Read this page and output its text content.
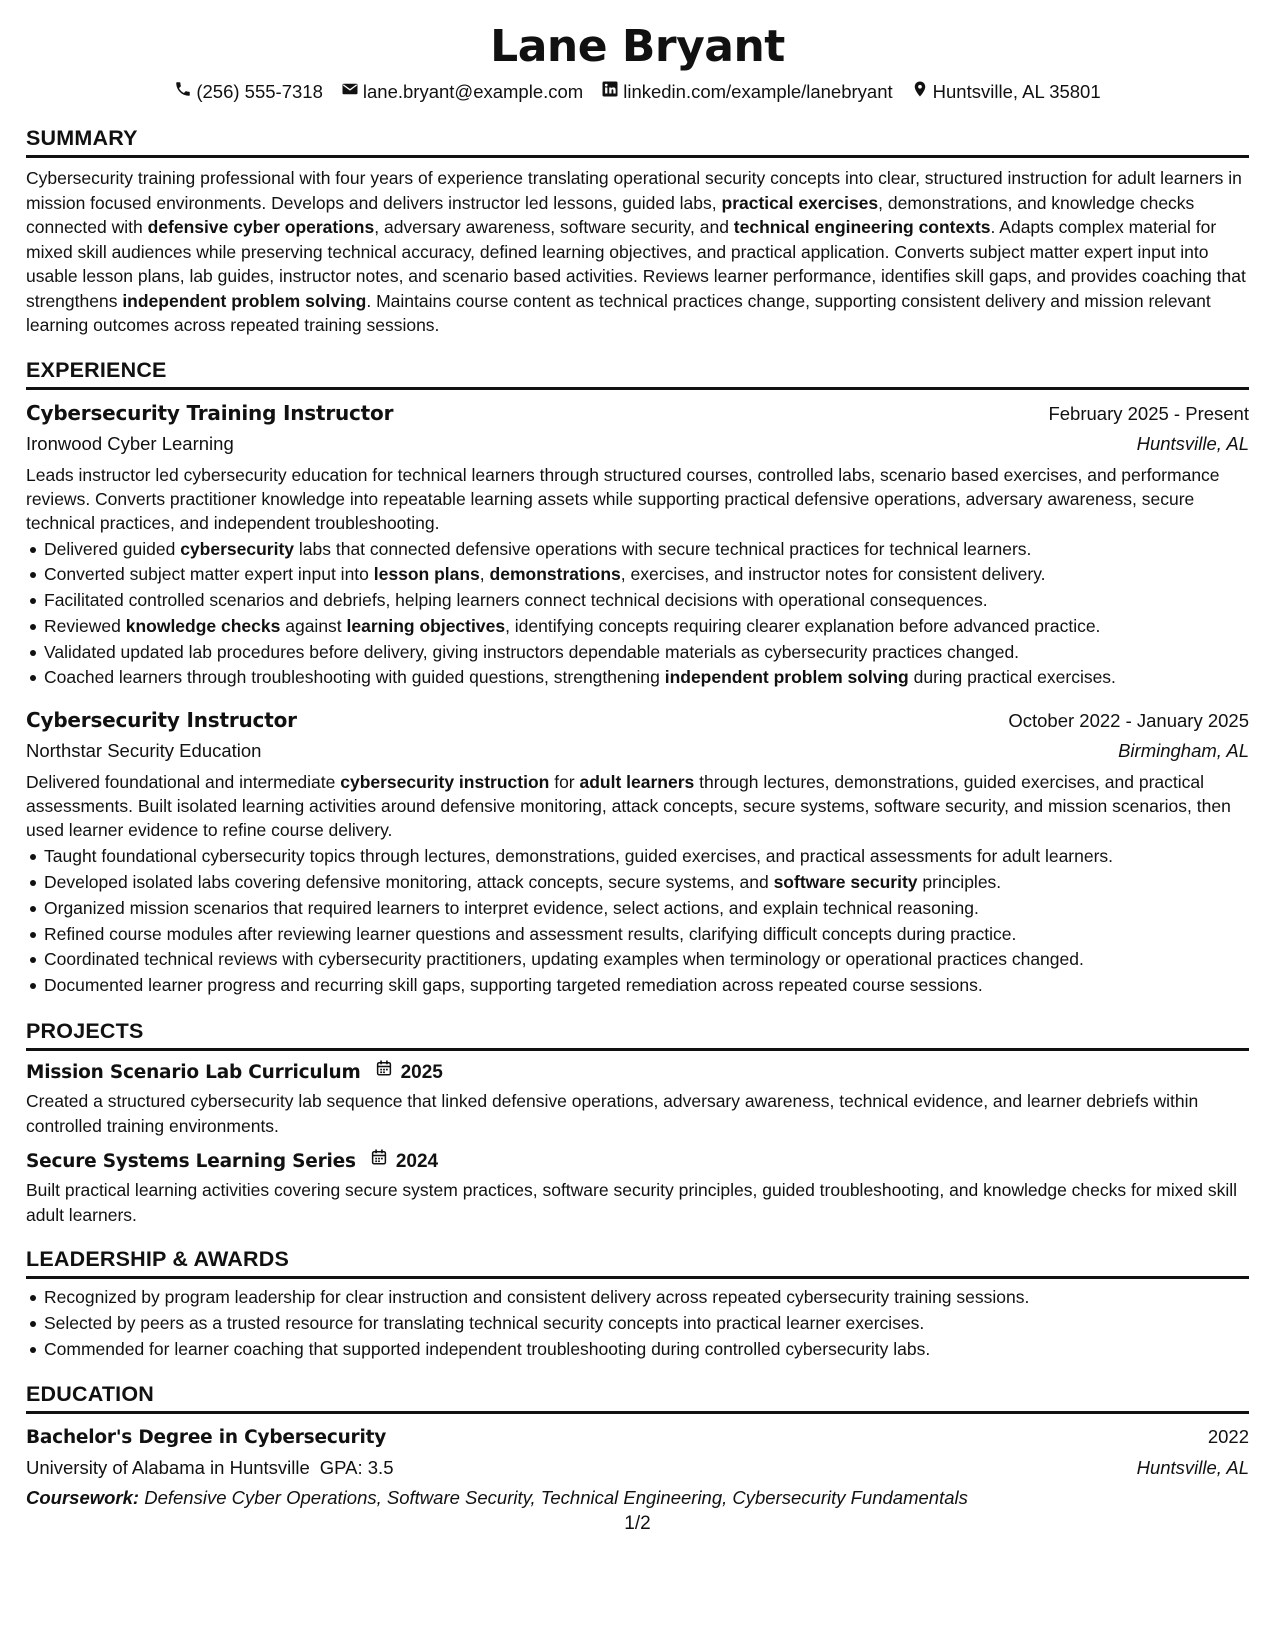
Lane Bryant
(256) 555-7318 lane.bryant@example.com linkedin.com/example/lanebryant Huntsville, AL 35801
SUMMARY

Cybersecurity training professional with four years of experience translating operational security concepts into clear, structured instruction for adult learners in mission focused environments. Develops and delivers instructor led lessons, guided labs, practical exercises, demonstrations, and knowledge checks connected with defensive cyber operations, adversary awareness, software security, and technical engineering contexts. Adapts complex material for mixed skill audiences while preserving technical accuracy, defined learning objectives, and practical application. Converts subject matter expert input into usable lesson plans, lab guides, instructor notes, and scenario based activities. Reviews learner performance, identifies skill gaps, and provides coaching that strengthens independent problem solving. Maintains course content as technical practices change, supporting consistent delivery and mission relevant learning outcomes across repeated training sessions.

EXPERIENCE
Cybersecurity Training Instructor	February 2025 - Present
Ironwood Cyber Learning	Huntsville, AL

Leads instructor led cybersecurity education for technical learners through structured courses, controlled labs, scenario based exercises, and performance reviews. Converts practitioner knowledge into repeatable learning assets while supporting practical defensive operations, adversary awareness, secure technical practices, and independent troubleshooting.

Delivered guided cybersecurity labs that connected defensive operations with secure technical practices for technical learners.
Converted subject matter expert input into lesson plans, demonstrations, exercises, and instructor notes for consistent delivery.
Facilitated controlled scenarios and debriefs, helping learners connect technical decisions with operational consequences.
Reviewed knowledge checks against learning objectives, identifying concepts requiring clearer explanation before advanced practice.
Validated updated lab procedures before delivery, giving instructors dependable materials as cybersecurity practices changed.
Coached learners through troubleshooting with guided questions, strengthening independent problem solving during practical exercises.
Cybersecurity Instructor	October 2022 - January 2025
Northstar Security Education	Birmingham, AL

Delivered foundational and intermediate cybersecurity instruction for adult learners through lectures, demonstrations, guided exercises, and practical assessments. Built isolated learning activities around defensive monitoring, attack concepts, secure systems, software security, and mission scenarios, then used learner evidence to refine course delivery.

Taught foundational cybersecurity topics through lectures, demonstrations, guided exercises, and practical assessments for adult learners.
Developed isolated labs covering defensive monitoring, attack concepts, secure systems, and software security principles.
Organized mission scenarios that required learners to interpret evidence, select actions, and explain technical reasoning.
Refined course modules after reviewing learner questions and assessment results, clarifying difficult concepts during practice.
Coordinated technical reviews with cybersecurity practitioners, updating examples when terminology or operational practices changed.
Documented learner progress and recurring skill gaps, supporting targeted remediation across repeated course sessions.
PROJECTS
Mission Scenario Lab Curriculum 2025

Created a structured cybersecurity lab sequence that linked defensive operations, adversary awareness, technical evidence, and learner debriefs within controlled training environments.

Secure Systems Learning Series 2024

Built practical learning activities covering secure system practices, software security principles, guided troubleshooting, and knowledge checks for mixed skill adult learners.

LEADERSHIP & AWARDS
Recognized by program leadership for clear instruction and consistent delivery across repeated cybersecurity training sessions.
Selected by peers as a trusted resource for translating technical security concepts into practical learner exercises.
Commended for learner coaching that supported independent troubleshooting during controlled cybersecurity labs.
EDUCATION
Bachelor's Degree in Cybersecurity	2022
University of Alabama in Huntsville GPA: 3.5	Huntsville, AL
Coursework: Defensive Cyber Operations, Software Security, Technical Engineering, Cybersecurity Fundamentals
1/2
